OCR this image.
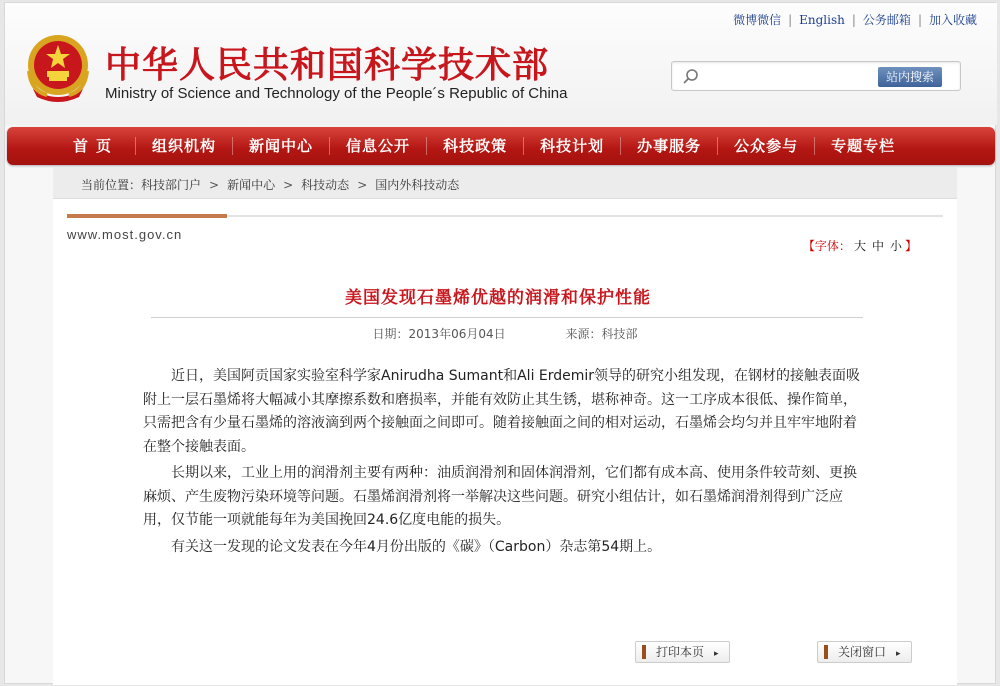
中华人民共和国科学技术部
Ministry of Science and Technology of the People´s Republic of China
微博微信 | English | 公务邮箱 | 加入收藏
站内搜索
首页	组织机构	新闻中心	信息公开	科技政策	科技计划	办事服务	公众参与	专题专栏
当前位置：科技部门户 > 新闻中心 > 科技动态 > 国内外科技动态
www.most.gov.cn
【字体： 大 中 小 】
美国发现石墨烯优越的润滑和保护性能
日期：2013年06月04日	来源：科技部

近日，美国阿贡国家实验室科学家Anirudha Sumant和Ali Erdemir领导的研究小组发现，在钢材的接触表面吸附上一层石墨烯将大幅减小其摩擦系数和磨损率，并能有效防止其生锈，堪称神奇。这一工序成本很低、操作简单，只需把含有少量石墨烯的溶液滴到两个接触面之间即可。随着接触面之间的相对运动，石墨烯会均匀并且牢牢地附着在整个接触表面。

长期以来，工业上用的润滑剂主要有两种：油质润滑剂和固体润滑剂，它们都有成本高、使用条件较苛刻、更换麻烦、产生废物污染环境等问题。石墨烯润滑剂将一举解决这些问题。研究小组估计，如石墨烯润滑剂得到广泛应用，仅节能一项就能每年为美国挽回24.6亿度电能的损失。

有关这一发现的论文发表在今年4月份出版的《碳》（Carbon）杂志第54期上。

打印本页 ▸	关闭窗口 ▸
